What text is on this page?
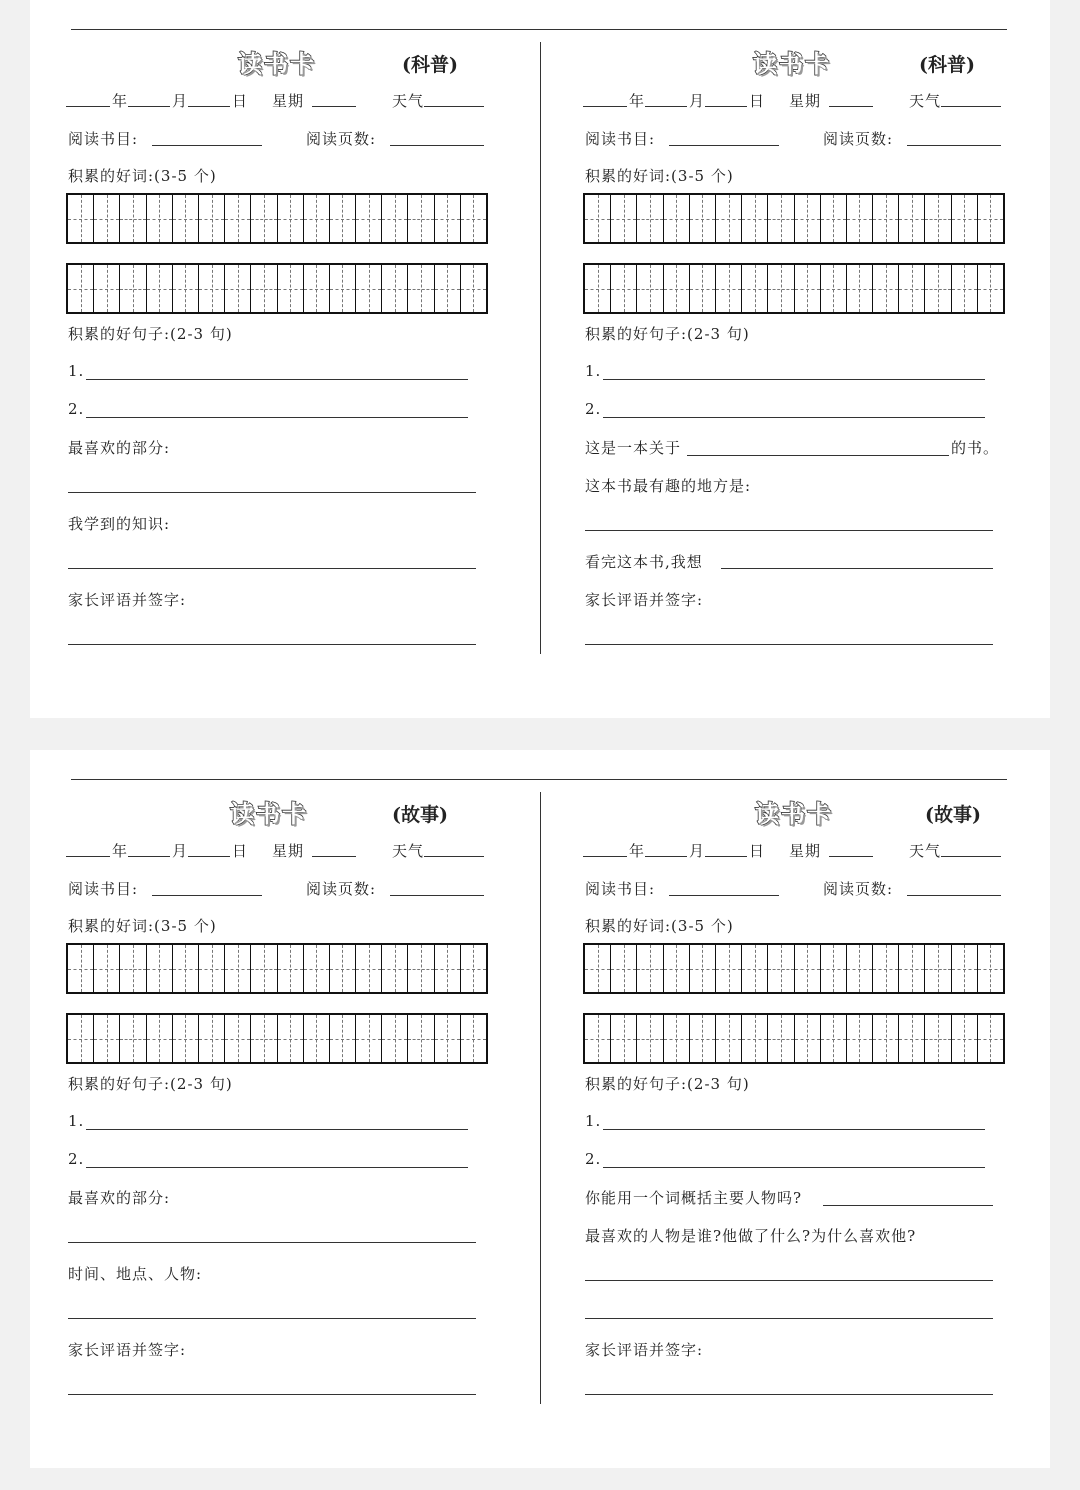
读书卡	(科普)
年	月	日 星期	天气
阅读书目:	阅读页数:
积累的好词:(3-5 个)
积累的好句子:(2-3 句)
1.
2.
最喜欢的部分:
我学到的知识:
家长评语并签字:
读书卡	(科普)
年	月	日 星期	天气
阅读书目:	阅读页数:
积累的好词:(3-5 个)
积累的好句子:(2-3 句)
1.
2.
这是一本关于	的书。
这本书最有趣的地方是:
看完这本书,我想
家长评语并签字:
读书卡	(故事)
年	月	日 星期	天气
阅读书目:	阅读页数:
积累的好词:(3-5 个)
积累的好句子:(2-3 句)
1.
2.
最喜欢的部分:
时间、地点、人物:
家长评语并签字:
读书卡	(故事)
年	月	日 星期	天气
阅读书目:	阅读页数:
积累的好词:(3-5 个)
积累的好句子:(2-3 句)
1.
2.
你能用一个词概括主要人物吗?
最喜欢的人物是谁?他做了什么?为什么喜欢他?
家长评语并签字:
